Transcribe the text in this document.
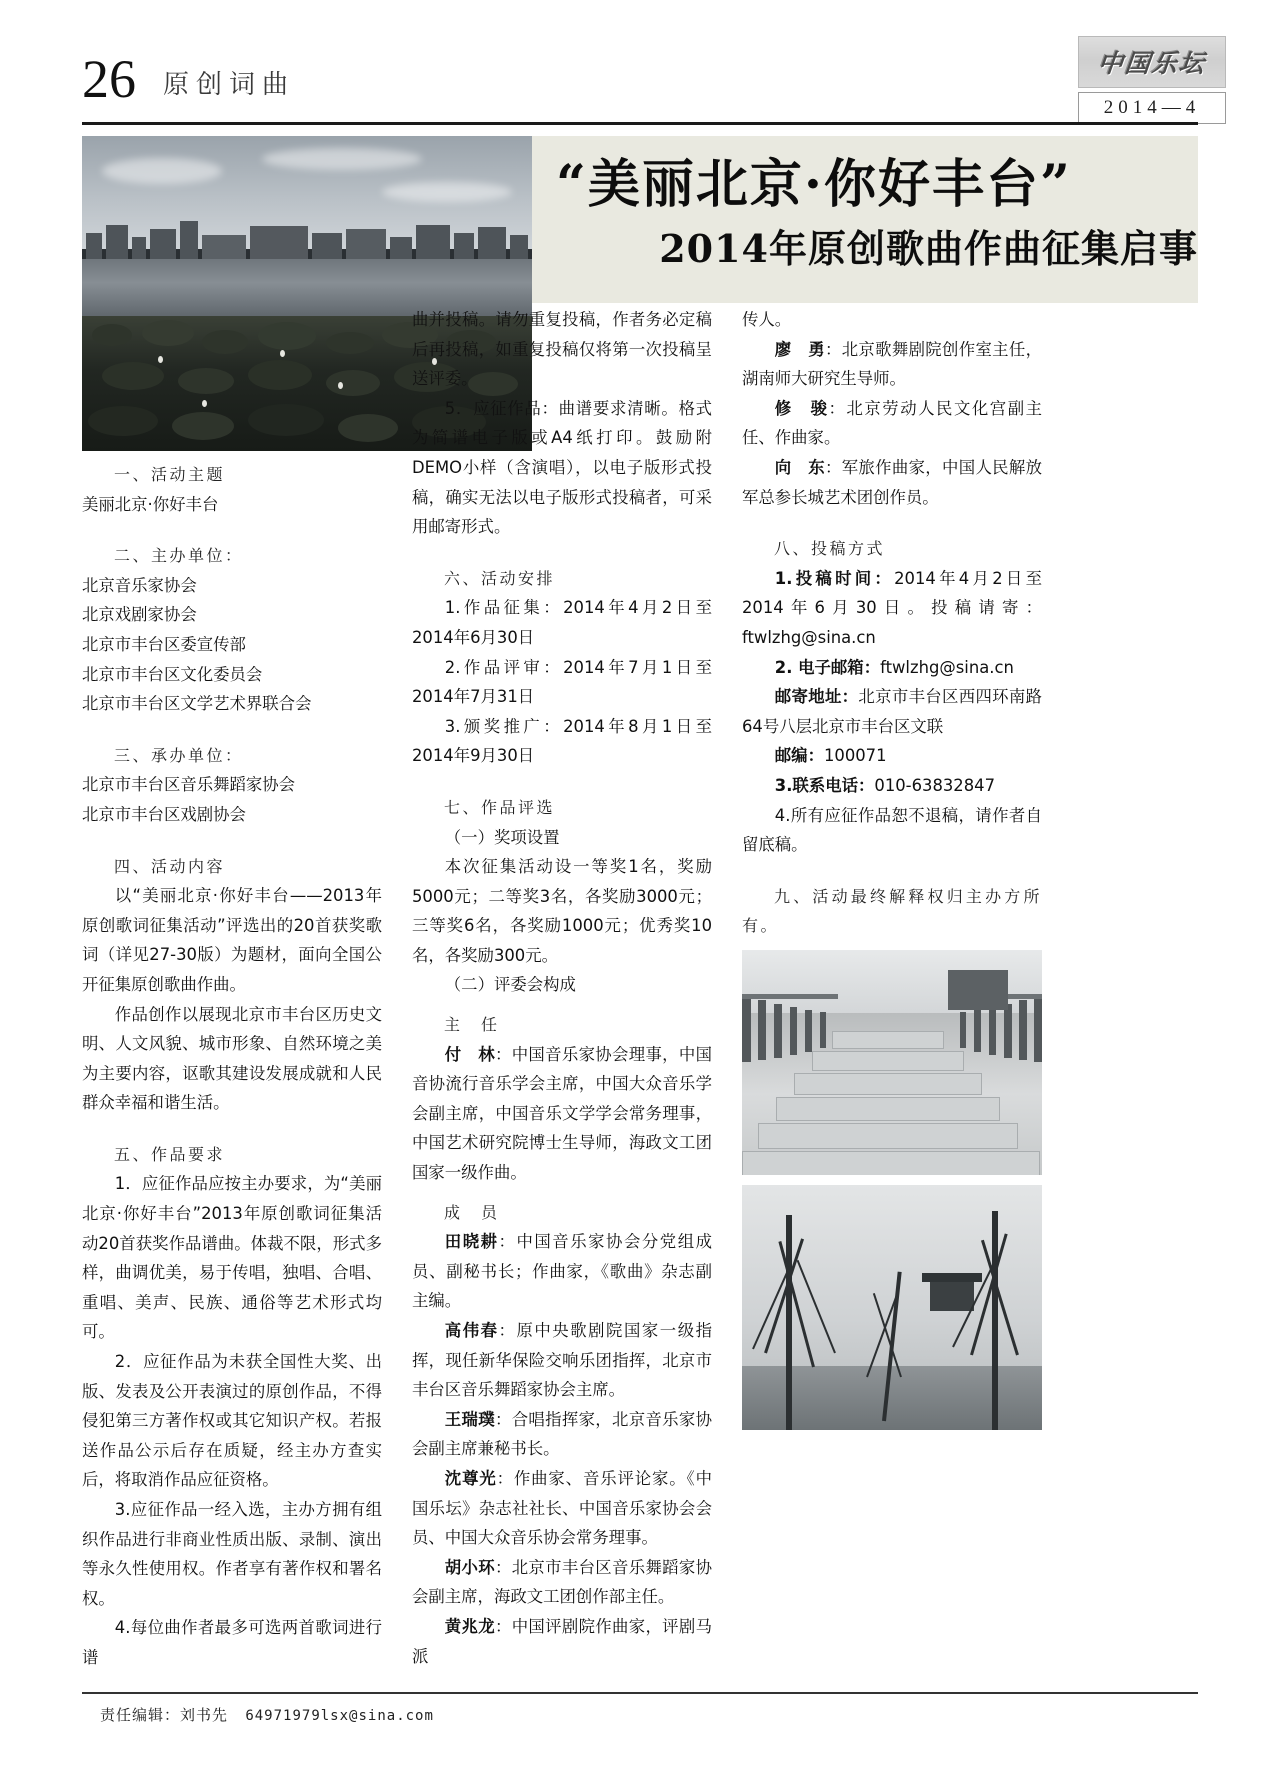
26 原创词曲
中国乐坛
2014—4
“美丽北京·你好丰台”
2014年原创歌曲作曲征集启事

一、活动主题

美丽北京·你好丰台

二、主办单位：

北京音乐家协会

北京戏剧家协会

北京市丰台区委宣传部

北京市丰台区文化委员会

北京市丰台区文学艺术界联合会

三、承办单位：

北京市丰台区音乐舞蹈家协会

北京市丰台区戏剧协会

四、活动内容

以“美丽北京·你好丰台——2013年原创歌词征集活动”评选出的20首获奖歌词（详见27-30版）为题材，面向全国公开征集原创歌曲作曲。

作品创作以展现北京市丰台区历史文明、人文风貌、城市形象、自然环境之美为主要内容，讴歌其建设发展成就和人民群众幸福和谐生活。

五、作品要求

1．应征作品应按主办要求，为“美丽北京·你好丰台”2013年原创歌词征集活动20首获奖作品谱曲。体裁不限，形式多样，曲调优美，易于传唱，独唱、合唱、重唱、美声、民族、通俗等艺术形式均可。

2．应征作品为未获全国性大奖、出版、发表及公开表演过的原创作品，不得侵犯第三方著作权或其它知识产权。若报送作品公示后存在质疑，经主办方查实后，将取消作品应征资格。

3.应征作品一经入选，主办方拥有组织作品进行非商业性质出版、录制、演出等永久性使用权。作者享有著作权和署名权。

4.每位曲作者最多可选两首歌词进行谱

曲并投稿。请勿重复投稿，作者务必定稿后再投稿，如重复投稿仅将第一次投稿呈送评委。

5．应征作品：曲谱要求清晰。格式为简谱电子版或A4纸打印。鼓励附DEMO小样（含演唱），以电子版形式投稿，确实无法以电子版形式投稿者，可采用邮寄形式。

六、活动安排

1.作品征集：2014年4月2日至2014年6月30日

2.作品评审：2014年7月1日至2014年7月31日

3.颁奖推广：2014年8月1日至2014年9月30日

七、作品评选

（一）奖项设置

本次征集活动设一等奖1名，奖励5000元；二等奖3名，各奖励3000元；三等奖6名，各奖励1000元；优秀奖10名，各奖励300元。

（二）评委会构成

主　任

付　林：中国音乐家协会理事，中国音协流行音乐学会主席，中国大众音乐学会副主席，中国音乐文学学会常务理事，中国艺术研究院博士生导师，海政文工团国家一级作曲。

成　员

田晓耕：中国音乐家协会分党组成员、副秘书长；作曲家，《歌曲》杂志副主编。

高伟春：原中央歌剧院国家一级指挥，现任新华保险交响乐团指挥，北京市丰台区音乐舞蹈家协会主席。

王瑞璞：合唱指挥家，北京音乐家协会副主席兼秘书长。

沈尊光：作曲家、音乐评论家。《中国乐坛》杂志社社长、中国音乐家协会会员、中国大众音乐协会常务理事。

胡小环：北京市丰台区音乐舞蹈家协会副主席，海政文工团创作部主任。

黄兆龙：中国评剧院作曲家，评剧马派

传人。

廖　勇：北京歌舞剧院创作室主任，湖南师大研究生导师。

修　骏：北京劳动人民文化宫副主任、作曲家。

向　东：军旅作曲家，中国人民解放军总参长城艺术团创作员。

八、投稿方式

1.投稿时间：2014年4月2日至2014年6月30日。投稿请寄：ftwlzhg@sina.cn

2. 电子邮箱：ftwlzhg@sina.cn

邮寄地址：北京市丰台区西四环南路64号八层北京市丰台区文联

邮编：100071

3.联系电话：010-63832847

4.所有应征作品恕不退稿，请作者自留底稿。

九、活动最终解释权归主办方所有。

责任编辑：刘书先 64971979lsx@sina.com
